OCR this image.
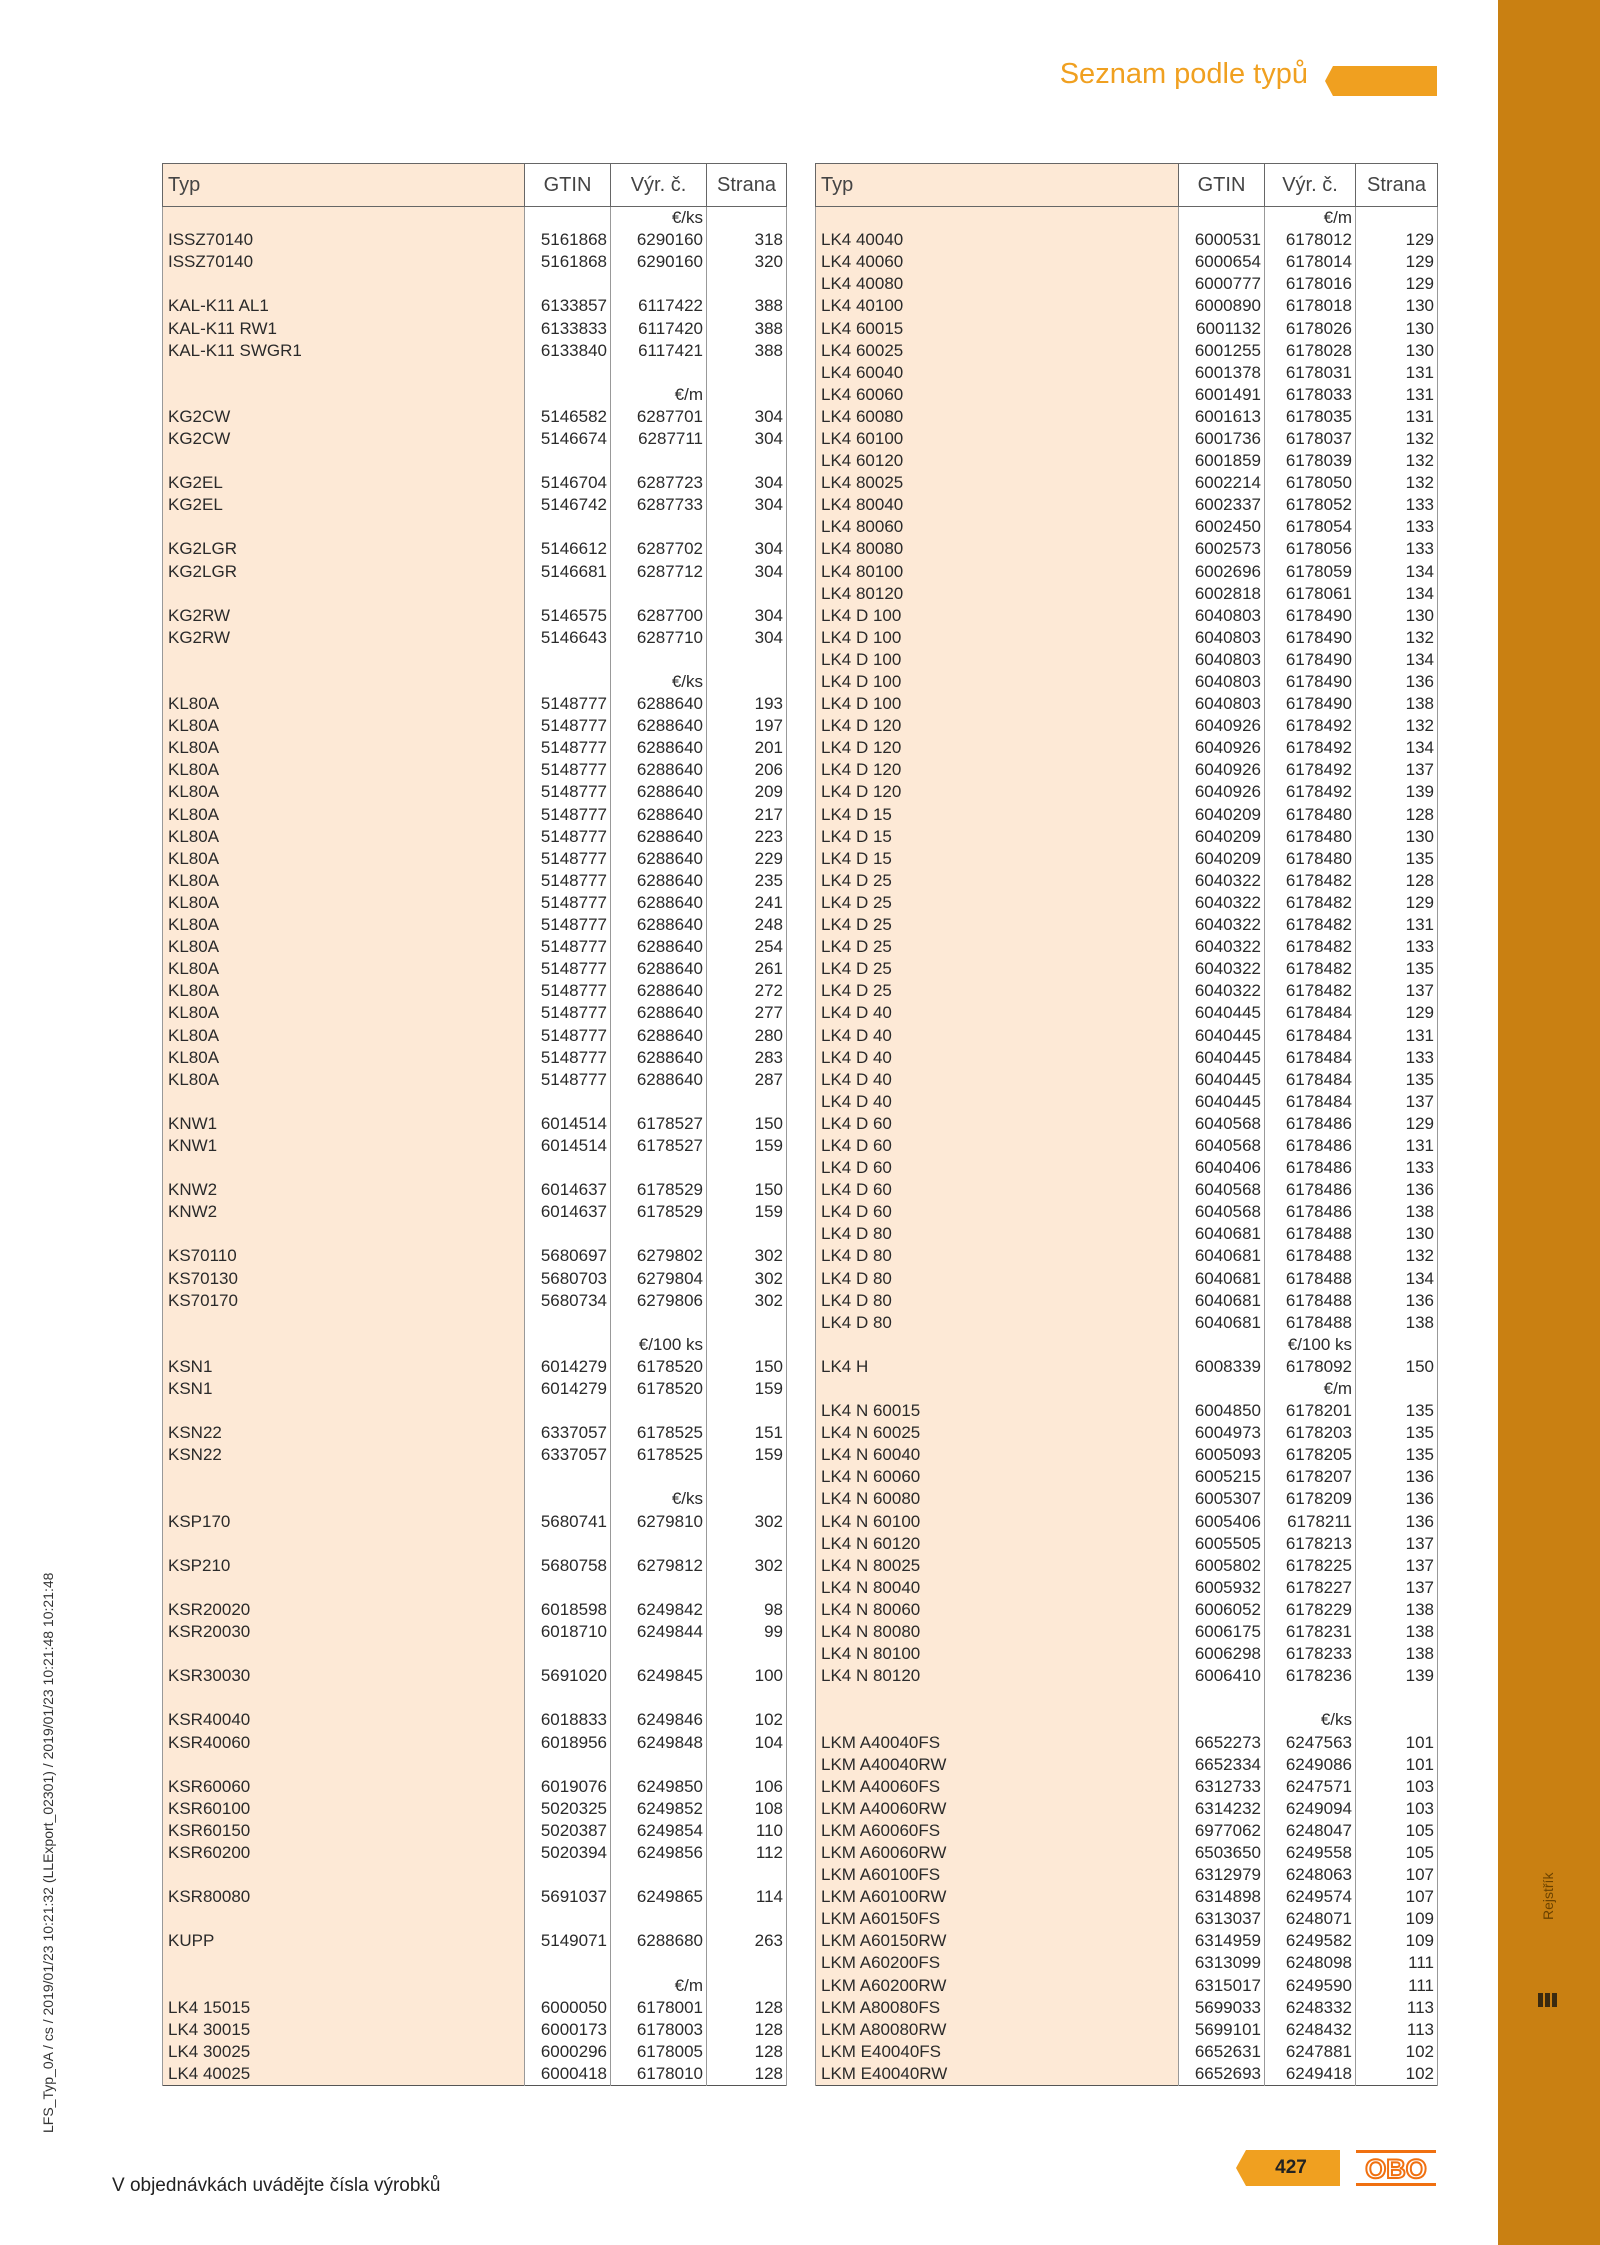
Rejstřík
Seznam podle typů
Typ	GTIN	Výr. č.	Strana
		€/ks	
ISSZ70140	5161868	6290160	318
ISSZ70140	5161868	6290160	320

KAL-K11 AL1	6133857	6117422	388
KAL-K11 RW1	6133833	6117420	388
KAL-K11 SWGR1	6133840	6117421	388

		€/m	
KG2CW	5146582	6287701	304
KG2CW	5146674	6287711	304

KG2EL	5146704	6287723	304
KG2EL	5146742	6287733	304

KG2LGR	5146612	6287702	304
KG2LGR	5146681	6287712	304

KG2RW	5146575	6287700	304
KG2RW	5146643	6287710	304

		€/ks	
KL80A	5148777	6288640	193
KL80A	5148777	6288640	197
KL80A	5148777	6288640	201
KL80A	5148777	6288640	206
KL80A	5148777	6288640	209
KL80A	5148777	6288640	217
KL80A	5148777	6288640	223
KL80A	5148777	6288640	229
KL80A	5148777	6288640	235
KL80A	5148777	6288640	241
KL80A	5148777	6288640	248
KL80A	5148777	6288640	254
KL80A	5148777	6288640	261
KL80A	5148777	6288640	272
KL80A	5148777	6288640	277
KL80A	5148777	6288640	280
KL80A	5148777	6288640	283
KL80A	5148777	6288640	287

KNW1	6014514	6178527	150
KNW1	6014514	6178527	159

KNW2	6014637	6178529	150
KNW2	6014637	6178529	159

KS70110	5680697	6279802	302
KS70130	5680703	6279804	302
KS70170	5680734	6279806	302

		€/100 ks	
KSN1	6014279	6178520	150
KSN1	6014279	6178520	159

KSN22	6337057	6178525	151
KSN22	6337057	6178525	159

		€/ks	
KSP170	5680741	6279810	302

KSP210	5680758	6279812	302

KSR20020	6018598	6249842	98
KSR20030	6018710	6249844	99

KSR30030	5691020	6249845	100

KSR40040	6018833	6249846	102
KSR40060	6018956	6249848	104

KSR60060	6019076	6249850	106
KSR60100	5020325	6249852	108
KSR60150	5020387	6249854	110
KSR60200	5020394	6249856	112

KSR80080	5691037	6249865	114

KUPP	5149071	6288680	263

		€/m	
LK4 15015	6000050	6178001	128
LK4 30015	6000173	6178003	128
LK4 30025	6000296	6178005	128
LK4 40025	6000418	6178010	128
Typ	GTIN	Výr. č.	Strana
		€/m	
LK4 40040	6000531	6178012	129
LK4 40060	6000654	6178014	129
LK4 40080	6000777	6178016	129
LK4 40100	6000890	6178018	130
LK4 60015	6001132	6178026	130
LK4 60025	6001255	6178028	130
LK4 60040	6001378	6178031	131
LK4 60060	6001491	6178033	131
LK4 60080	6001613	6178035	131
LK4 60100	6001736	6178037	132
LK4 60120	6001859	6178039	132
LK4 80025	6002214	6178050	132
LK4 80040	6002337	6178052	133
LK4 80060	6002450	6178054	133
LK4 80080	6002573	6178056	133
LK4 80100	6002696	6178059	134
LK4 80120	6002818	6178061	134
LK4 D 100	6040803	6178490	130
LK4 D 100	6040803	6178490	132
LK4 D 100	6040803	6178490	134
LK4 D 100	6040803	6178490	136
LK4 D 100	6040803	6178490	138
LK4 D 120	6040926	6178492	132
LK4 D 120	6040926	6178492	134
LK4 D 120	6040926	6178492	137
LK4 D 120	6040926	6178492	139
LK4 D 15	6040209	6178480	128
LK4 D 15	6040209	6178480	130
LK4 D 15	6040209	6178480	135
LK4 D 25	6040322	6178482	128
LK4 D 25	6040322	6178482	129
LK4 D 25	6040322	6178482	131
LK4 D 25	6040322	6178482	133
LK4 D 25	6040322	6178482	135
LK4 D 25	6040322	6178482	137
LK4 D 40	6040445	6178484	129
LK4 D 40	6040445	6178484	131
LK4 D 40	6040445	6178484	133
LK4 D 40	6040445	6178484	135
LK4 D 40	6040445	6178484	137
LK4 D 60	6040568	6178486	129
LK4 D 60	6040568	6178486	131
LK4 D 60	6040406	6178486	133
LK4 D 60	6040568	6178486	136
LK4 D 60	6040568	6178486	138
LK4 D 80	6040681	6178488	130
LK4 D 80	6040681	6178488	132
LK4 D 80	6040681	6178488	134
LK4 D 80	6040681	6178488	136
LK4 D 80	6040681	6178488	138
		€/100 ks	
LK4 H	6008339	6178092	150
		€/m	
LK4 N 60015	6004850	6178201	135
LK4 N 60025	6004973	6178203	135
LK4 N 60040	6005093	6178205	135
LK4 N 60060	6005215	6178207	136
LK4 N 60080	6005307	6178209	136
LK4 N 60100	6005406	6178211	136
LK4 N 60120	6005505	6178213	137
LK4 N 80025	6005802	6178225	137
LK4 N 80040	6005932	6178227	137
LK4 N 80060	6006052	6178229	138
LK4 N 80080	6006175	6178231	138
LK4 N 80100	6006298	6178233	138
LK4 N 80120	6006410	6178236	139

		€/ks	
LKM A40040FS	6652273	6247563	101
LKM A40040RW	6652334	6249086	101
LKM A40060FS	6312733	6247571	103
LKM A40060RW	6314232	6249094	103
LKM A60060FS	6977062	6248047	105
LKM A60060RW	6503650	6249558	105
LKM A60100FS	6312979	6248063	107
LKM A60100RW	6314898	6249574	107
LKM A60150FS	6313037	6248071	109
LKM A60150RW	6314959	6249582	109
LKM A60200FS	6313099	6248098	111
LKM A60200RW	6315017	6249590	111
LKM A80080FS	5699033	6248332	113
LKM A80080RW	5699101	6248432	113
LKM E40040FS	6652631	6247881	102
LKM E40040RW	6652693	6249418	102
LFS_Typ_0A / cs / 2019/01/23 10:21:32 (LLExport_02301) / 2019/01/23 10:21:48 10:21:48
V objednávkách uvádějte čísla výrobků
427	OBO
